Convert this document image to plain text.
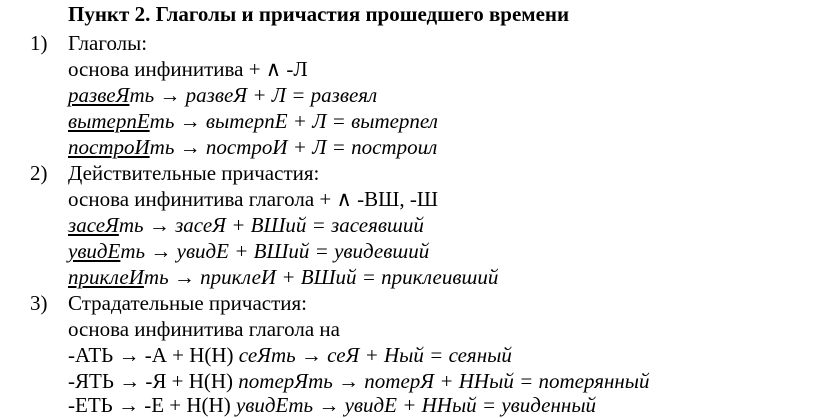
Пункт 2. Глаголы и причастия прошедшего времени
1) Глаголы:
основа инфинитива + ∧ -Л
развеЯть → развеЯ + Л = развеял
вытерпЕть → вытерпЕ + Л = вытерпел
построИть → построИ + Л = построил
2) Действительные причастия:
основа инфинитива глагола + ∧ -ВШ, -Ш
засеЯть → засеЯ + ВШий = засеявший
увидЕть → увидЕ + ВШий = увидевший
приклеИть → приклеИ + ВШий = приклеивший
3) Страдательные причастия:
основа инфинитива глагола на
-АТЬ → -А + Н(Н) сеЯть → сеЯ + Ный = сеяный
-ЯТЬ → -Я + Н(Н) потерЯть → потерЯ + ННый = потерянный
-ЕТЬ → -Е + Н(Н) увидЕть → увидЕ + ННый = увиденный
